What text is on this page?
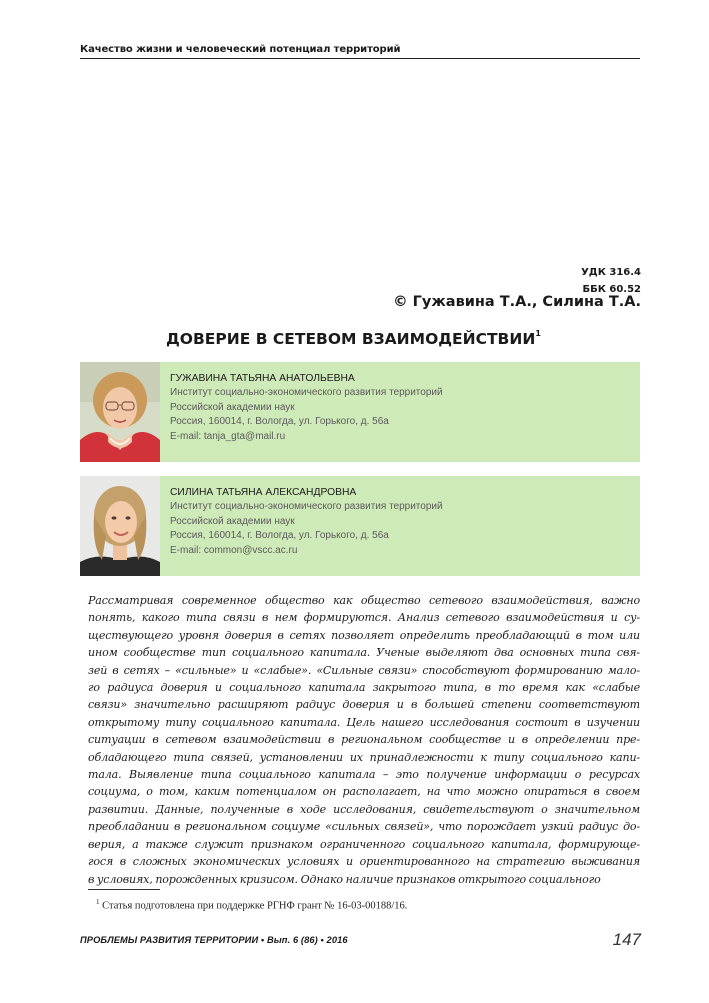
Качество жизни и человеческий потенциал территорий
УДК 316.4
ББК 60.52
© Гужавина Т.А., Силина Т.А.
ДОВЕРИЕ В СЕТЕВОМ ВЗАИМОДЕЙСТВИИ$^1$
ГУЖАВИНА ТАТЬЯНА АНАТОЛЬЕВНА
Институт социально-экономического развития территорий
Российской академии наук
Россия, 160014, г. Вологда, ул. Горького, д. 56а
E-mail: tanja_gta@mail.ru
СИЛИНА ТАТЬЯНА АЛЕКСАНДРОВНА
Институт социально-экономического развития территорий
Российской академии наук
Россия, 160014, г. Вологда, ул. Горького, д. 56а
E-mail: common@vscc.ac.ru
Рассматривая современное общество как общество сетевого взаимодействия, важно
понять, какого типа связи в нем формируются. Анализ сетевого взаимодействия и су-
ществующего уровня доверия в сетях позволяет определить преобладающий в том или
ином сообществе тип социального капитала. Ученые выделяют два основных типа свя-
зей в сетях – «сильные» и «слабые». «Сильные связи» способствуют формированию мало-
го радиуса доверия и социального капитала закрытого типа, в то время как «слабые
связи» значительно расширяют радиус доверия и в большей степени соответствуют
открытому типу социального капитала. Цель нашего исследования состоит в изучении
ситуации в сетевом взаимодействии в региональном сообществе и в определении пре-
обладающего типа связей, установлении их принадлежности к типу социального капи-
тала. Выявление типа социального капитала – это получение информации о ресурсах
социума, о том, каким потенциалом он располагает, на что можно опираться в своем
развитии. Данные, полученные в ходе исследования, свидетельствуют о значительном
преобладании в региональном социуме «сильных связей», что порождает узкий радиус до-
верия, а также служит признаком ограниченного социального капитала, формирующе-
гося в сложных экономических условиях и ориентированного на стратегию выживания
в условиях, порожденных кризисом. Однако наличие признаков открытого социального
$^1$ Статья подготовлена при поддержке РГНФ грант № 16-03-00188/16.
ПРОБЛЕМЫ РАЗВИТИЯ ТЕРРИТОРИИ • Вып. 6 (86) • 2016	147
